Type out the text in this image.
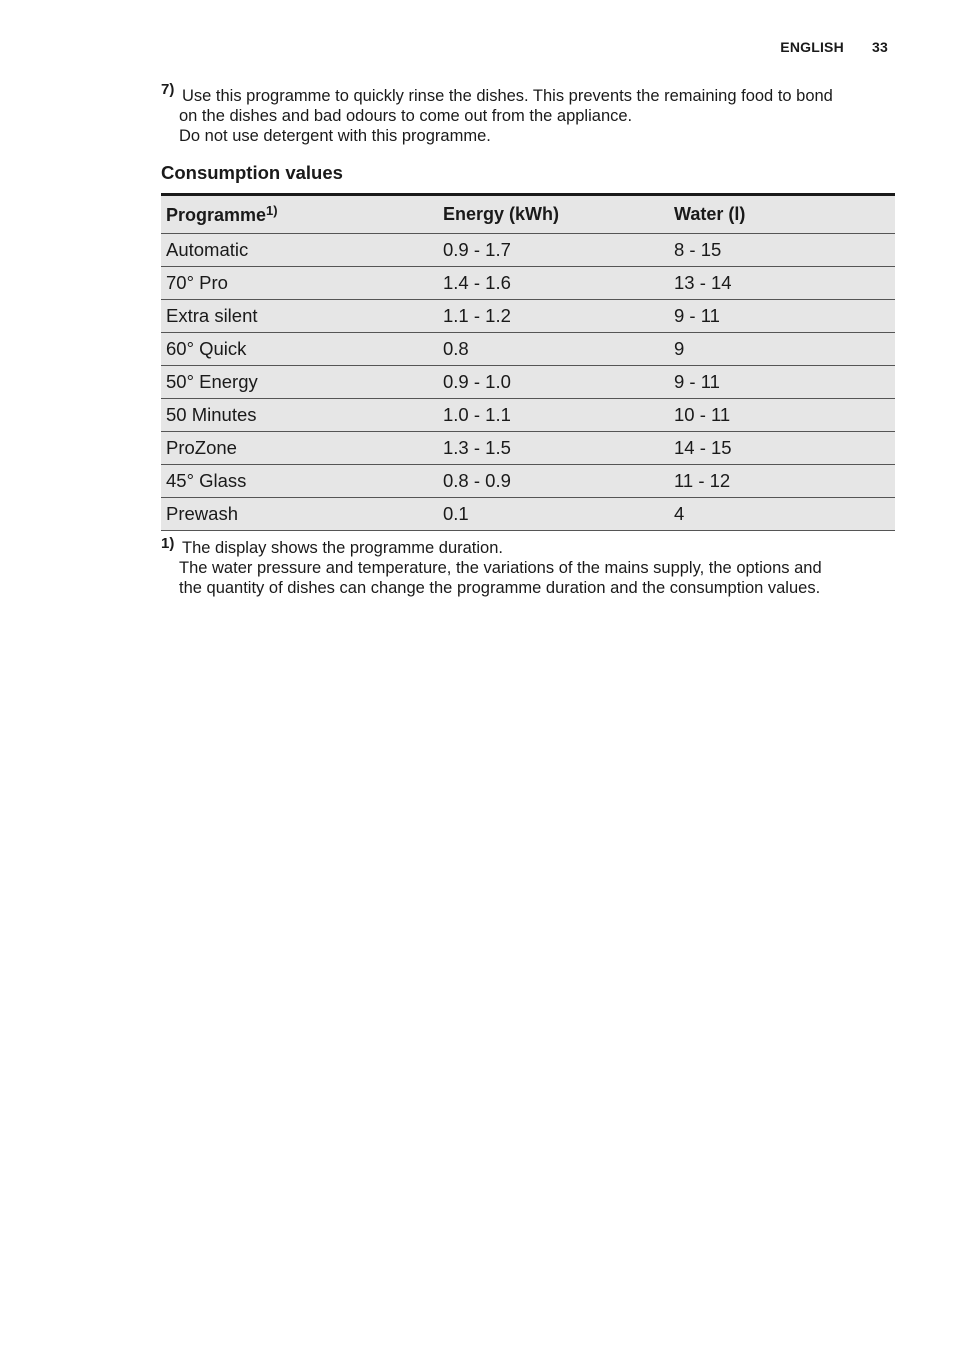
ENGLISH 33
7) Use this programme to quickly rinse the dishes. This prevents the remaining food to bond
on the dishes and bad odours to come out from the appliance.
Do not use detergent with this programme.
Consumption values
Programme$^{1)}$	Energy (kWh)	Water (l)
Automatic	0.9 - 1.7	8 - 15
70° Pro	1.4 - 1.6	13 - 14
Extra silent	1.1 - 1.2	9 - 11
60° Quick	0.8	9
50° Energy	0.9 - 1.0	9 - 11
50 Minutes	1.0 - 1.1	10 - 11
ProZone	1.3 - 1.5	14 - 15
45° Glass	0.8 - 0.9	11 - 12
Prewash	0.1	4
1) The display shows the programme duration.
The water pressure and temperature, the variations of the mains supply, the options and
the quantity of dishes can change the programme duration and the consumption values.
